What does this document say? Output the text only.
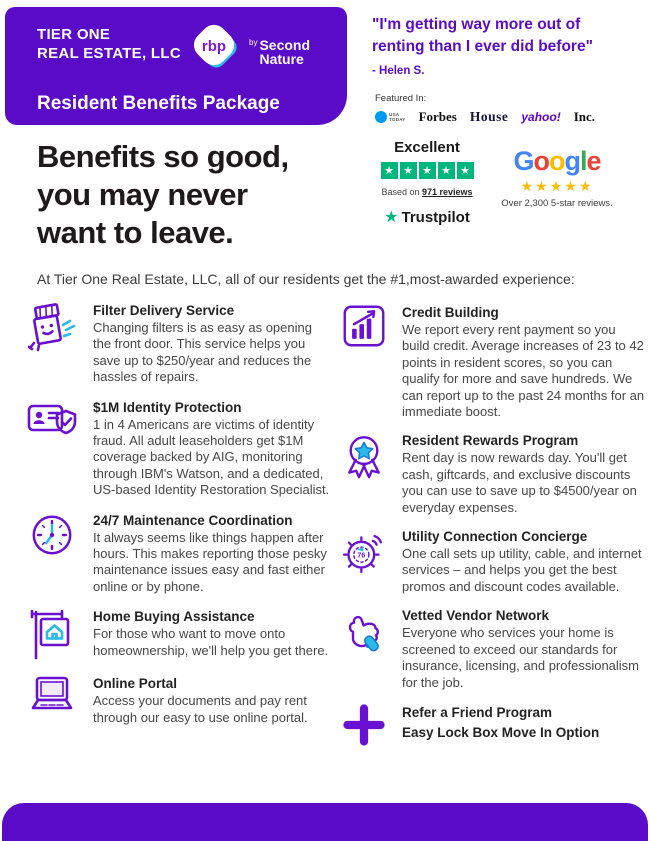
TIER ONE
REAL ESTATE, LLC rbp	by Second
Nature
Resident Benefits Package
"I'm getting way more out of
renting than I ever did before"
- Helen S.
Featured In:
USA
TODAY Forbes House yahoo! Inc.
Excellent
★ ★ ★ ★ ★
Based on 971 reviews
★ Trustpilot
Google
★★★★★
Over 2,300 5-star reviews.
Benefits so good,
you may never
want to leave.
At Tier One Real Estate, LLC, all of our residents get the #1,most-awarded experience:
Filter Delivery Service
Changing filters is as easy as opening the front door. This service helps you save up to $250/year and reduces the hassles of repairs.
$1M Identity Protection
1 in 4 Americans are victims of identity fraud. All adult leaseholders get $1M coverage backed by AIG, monitoring through IBM's Watson, and a dedicated, US-based Identity Restoration Specialist.
24/7 Maintenance Coordination
It always seems like things happen after hours. This makes reporting those pesky maintenance issues easy and fast either online or by phone.
Home Buying Assistance
For those who want to move onto homeownership, we'll help you get there.
Online Portal
Access your documents and pay rent through our easy to use online portal.
Credit Building
We report every rent payment so you build credit. Average increases of 23 to 42 points in resident scores, so you can qualify for more and save hundreds. We can report up to the past 24 months for an immediate boost.
Resident Rewards Program
Rent day is now rewards day. You'll get cash, giftcards, and exclusive discounts you can use to save up to $4500/year on everyday expenses.
76
Utility Connection Concierge
One call sets up utility, cable, and internet services – and helps you get the best promos and discount codes available.
Vetted Vendor Network
Everyone who services your home is screened to exceed our standards for insurance, licensing, and professionalism for the job.
Refer a Friend Program
Easy Lock Box Move In Option
